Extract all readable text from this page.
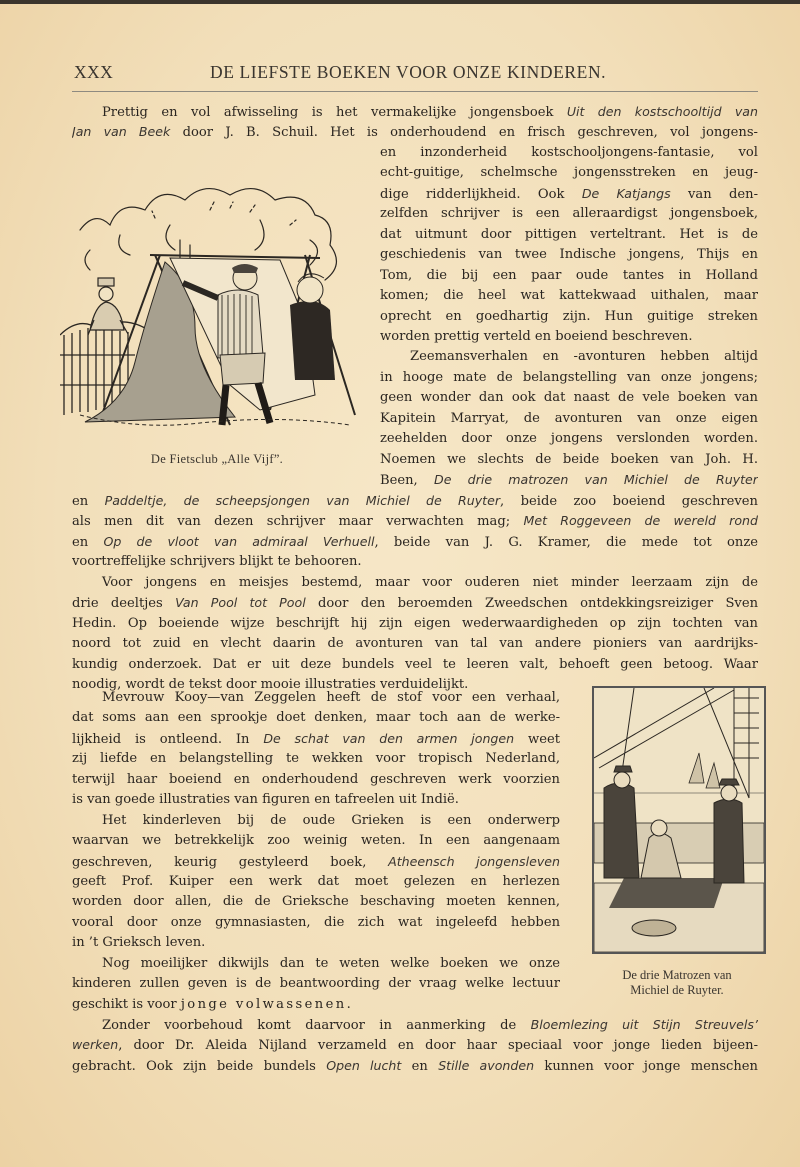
XXX	DE LIEFSTE BOEKEN VOOR ONZE KINDEREN.
De Fietsclub „Alle Vijf”.
De drie Matrozen van
Michiel de Ruyter.
Prettig en vol afwisseling is het vermakelijke jongensboek Uit den kostschooltijd van
Jan van Beek door J. B. Schuil. Het is onderhoudend en frisch geschreven, vol jongens-
en inzonderheid kostschooljongens-fantasie, vol
echt-guitige, schelmsche jongensstreken en jeug-
dige ridderlijkheid. Ook De Katjangs van den-
zelfden schrijver is een alleraardigst jongensboek,
dat uitmunt door pittigen verteltrant. Het is de
geschiedenis van twee Indische jongens, Thijs en
Tom, die bij een paar oude tantes in Holland
komen; die heel wat kattekwaad uithalen, maar
oprecht en goedhartig zijn. Hun guitige streken
worden prettig verteld en boeiend beschreven.
Zeemansverhalen en -avonturen hebben altijd
in hooge mate de belangstelling van onze jongens;
geen wonder dan ook dat naast de vele boeken van
Kapitein Marryat, de avonturen van onze eigen
zeehelden door onze jongens verslonden worden.
Noemen we slechts de beide boeken van Joh. H.
Been, De drie matrozen van Michiel de Ruyter
en Paddeltje, de scheepsjongen van Michiel de Ruyter, beide zoo boeiend geschreven
als men dit van dezen schrijver maar verwachten mag; Met Roggeveen de wereld rond
en Op de vloot van admiraal Verhuell, beide van J. G. Kramer, die mede tot onze
voortreffelijke schrijvers blijkt te behooren.
Voor jongens en meisjes bestemd, maar voor ouderen niet minder leerzaam zijn de
drie deeltjes Van Pool tot Pool door den beroemden Zweedschen ontdekkingsreiziger Sven
Hedin. Op boeiende wijze beschrijft hij zijn eigen wederwaardigheden op zijn tochten van
noord tot zuid en vlecht daarin de avonturen van tal van andere pioniers van aardrijks-
kundig onderzoek. Dat er uit deze bundels veel te leeren valt, behoeft geen betoog. Waar
noodig, wordt de tekst door mooie illustraties verduidelijkt.
Mevrouw Kooy—van Zeggelen heeft de stof voor een verhaal,
dat soms aan een sprookje doet denken, maar toch aan de werke-
lijkheid is ontleend. In De schat van den armen jongen weet
zij liefde en belangstelling te wekken voor tropisch Nederland,
terwijl haar boeiend en onderhoudend geschreven werk voorzien
is van goede illustraties van figuren en tafreelen uit Indië.
Het kinderleven bij de oude Grieken is een onderwerp
waarvan we betrekkelijk zoo weinig weten. In een aangenaam
geschreven, keurig gestyleerd boek, Atheensch jongensleven
geeft Prof. Kuiper een werk dat moet gelezen en herlezen
worden door allen, die de Grieksche beschaving moeten kennen,
vooral door onze gymnasiasten, die zich wat ingeleefd hebben
in ’t Grieksch leven.
Nog moeilijker dikwijls dan te weten welke boeken we onze
kinderen zullen geven is de beantwoording der vraag welke lectuur
geschikt is voor jonge volwassenen.
Zonder voorbehoud komt daarvoor in aanmerking de Bloemlezing uit Stijn Streuvels’
werken, door Dr. Aleida Nijland verzameld en door haar speciaal voor jonge lieden bijeen-
gebracht. Ook zijn beide bundels Open lucht en Stille avonden kunnen voor jonge menschen
